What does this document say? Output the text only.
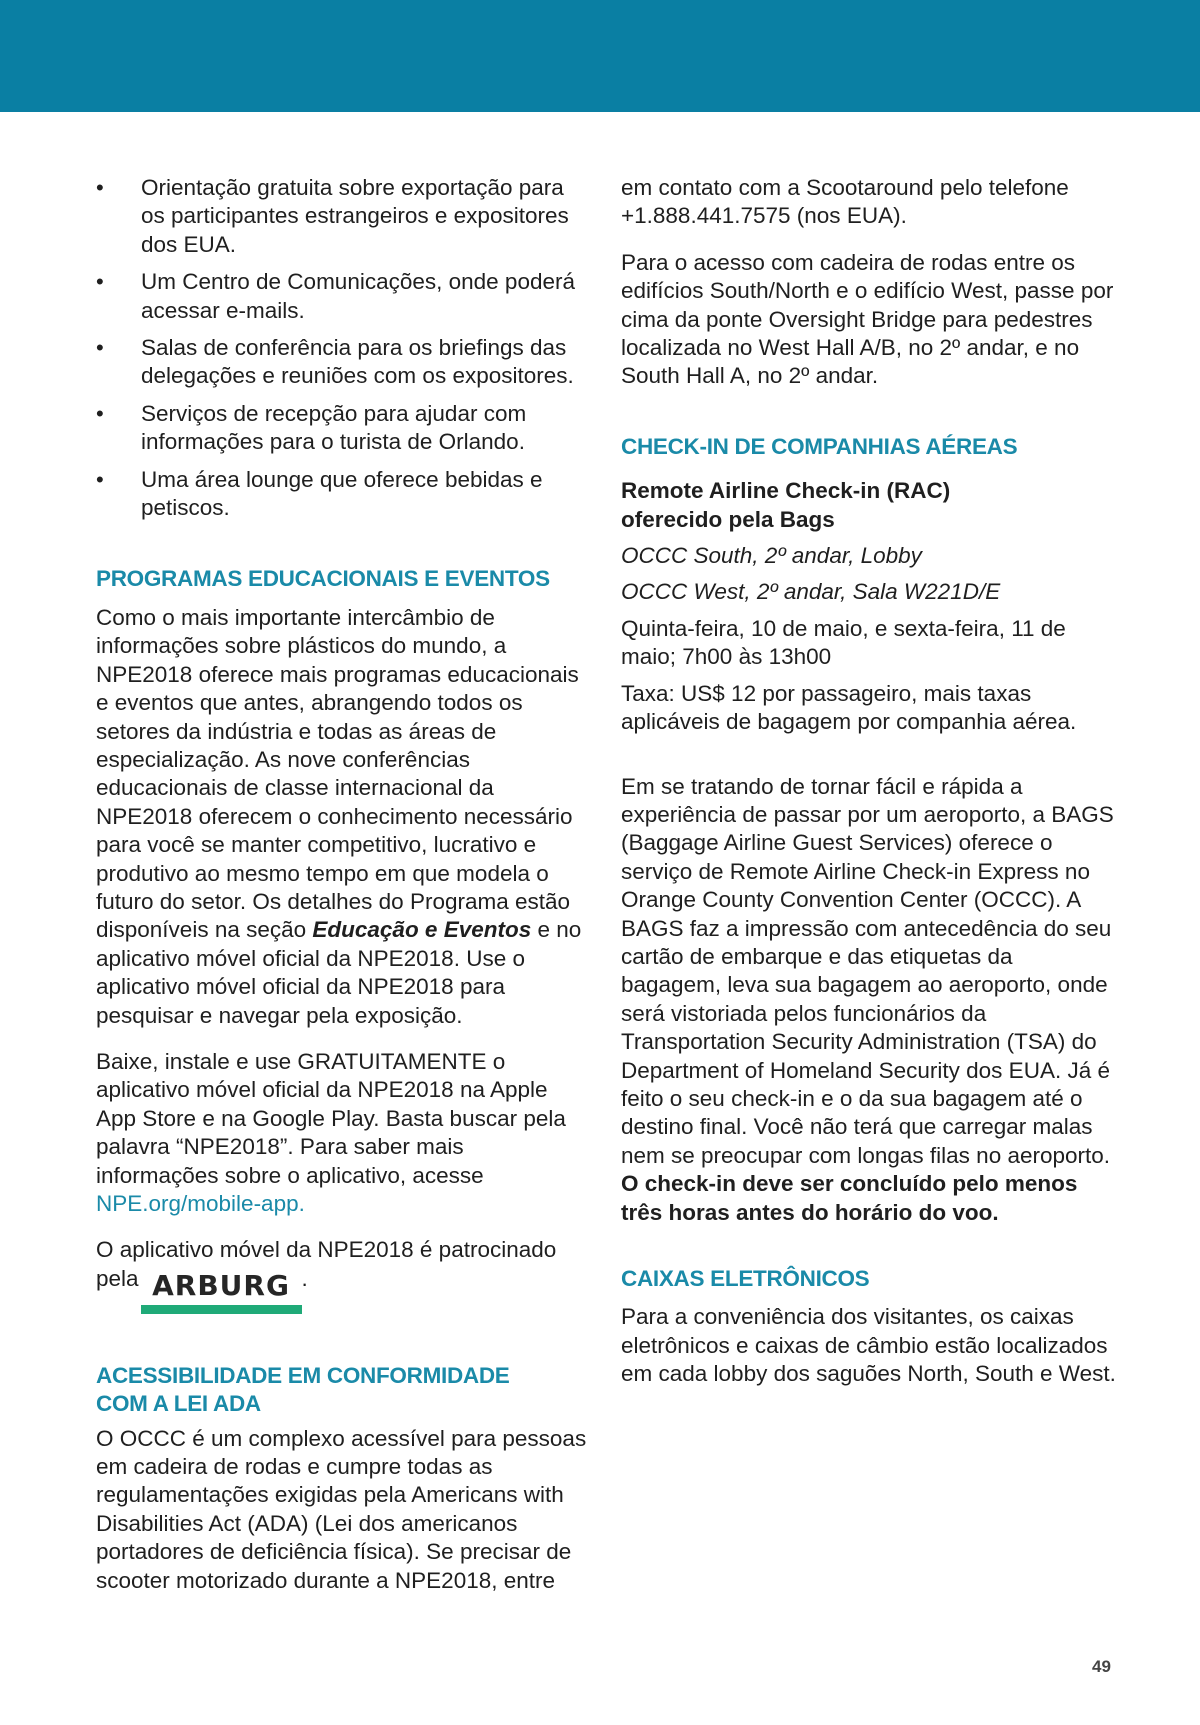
• Orientação gratuita sobre exportação para os participantes estrangeiros e expositores dos EUA.
• Um Centro de Comunicações, onde poderá acessar e-mails.
• Salas de conferência para os briefings das delegações e reuniões com os expositores.
• Serviços de recepção para ajudar com informações para o turista de Orlando.
• Uma área lounge que oferece bebidas e petiscos.
PROGRAMAS EDUCACIONAIS E EVENTOS

Como o mais importante intercâmbio de informações sobre plásticos do mundo, a NPE2018 oferece mais programas educacionais e eventos que antes, abrangendo todos os setores da indústria e todas as áreas de especialização. As nove conferências educacionais de classe internacional da NPE2018 oferecem o conhecimento necessário para você se manter competitivo, lucrativo e produtivo ao mesmo tempo em que modela o futuro do setor. Os detalhes do Programa estão disponíveis na seção Educação e Eventos e no aplicativo móvel oficial da NPE2018. Use o aplicativo móvel oficial da NPE2018 para pesquisar e navegar pela exposição.

Baixe, instale e use GRATUITAMENTE o aplicativo móvel oficial da NPE2018 na Apple App Store e na Google Play. Basta buscar pela palavra “NPE2018”. Para saber mais informações sobre o aplicativo, acesse NPE.org/mobile-app.

O aplicativo móvel da NPE2018 é patrocinado pela ARBURG .

ACESSIBILIDADE EM CONFORMIDADE
COM A LEI ADA

O OCCC é um complexo acessível para pessoas em cadeira de rodas e cumpre todas as regulamentações exigidas pela Americans with Disabilities Act (ADA) (Lei dos americanos portadores de deficiência física). Se precisar de scooter motorizado durante a NPE2018, entre

em contato com a Scootaround pelo telefone +1.888.441.7575 (nos EUA).

Para o acesso com cadeira de rodas entre os edifícios South/North e o edifício West, passe por cima da ponte Oversight Bridge para pedestres localizada no West Hall A/B, no 2º andar, e no South Hall A, no 2º andar.

CHECK-IN DE COMPANHIAS AÉREAS
Remote Airline Check-in (RAC)
oferecido pela Bags

OCCC South, 2º andar, Lobby

OCCC West, 2º andar, Sala W221D/E

Quinta-feira, 10 de maio, e sexta-feira, 11 de maio; 7h00 às 13h00

Taxa: US$ 12 por passageiro, mais taxas aplicáveis de bagagem por companhia aérea.

Em se tratando de tornar fácil e rápida a experiência de passar por um aeroporto, a BAGS (Baggage Airline Guest Services) oferece o serviço de Remote Airline Check-in Express no Orange County Convention Center (OCCC). A BAGS faz a impressão com antecedência do seu cartão de embarque e das etiquetas da bagagem, leva sua bagagem ao aeroporto, onde será vistoriada pelos funcionários da Transportation Security Administration (TSA) do Department of Homeland Security dos EUA. Já é feito o seu check-in e o da sua bagagem até o destino final. Você não terá que carregar malas nem se preocupar com longas filas no aeroporto. O check-in deve ser concluído pelo menos três horas antes do horário do voo.

CAIXAS ELETRÔNICOS

Para a conveniência dos visitantes, os caixas eletrônicos e caixas de câmbio estão localizados em cada lobby dos saguões North, South e West.

49
